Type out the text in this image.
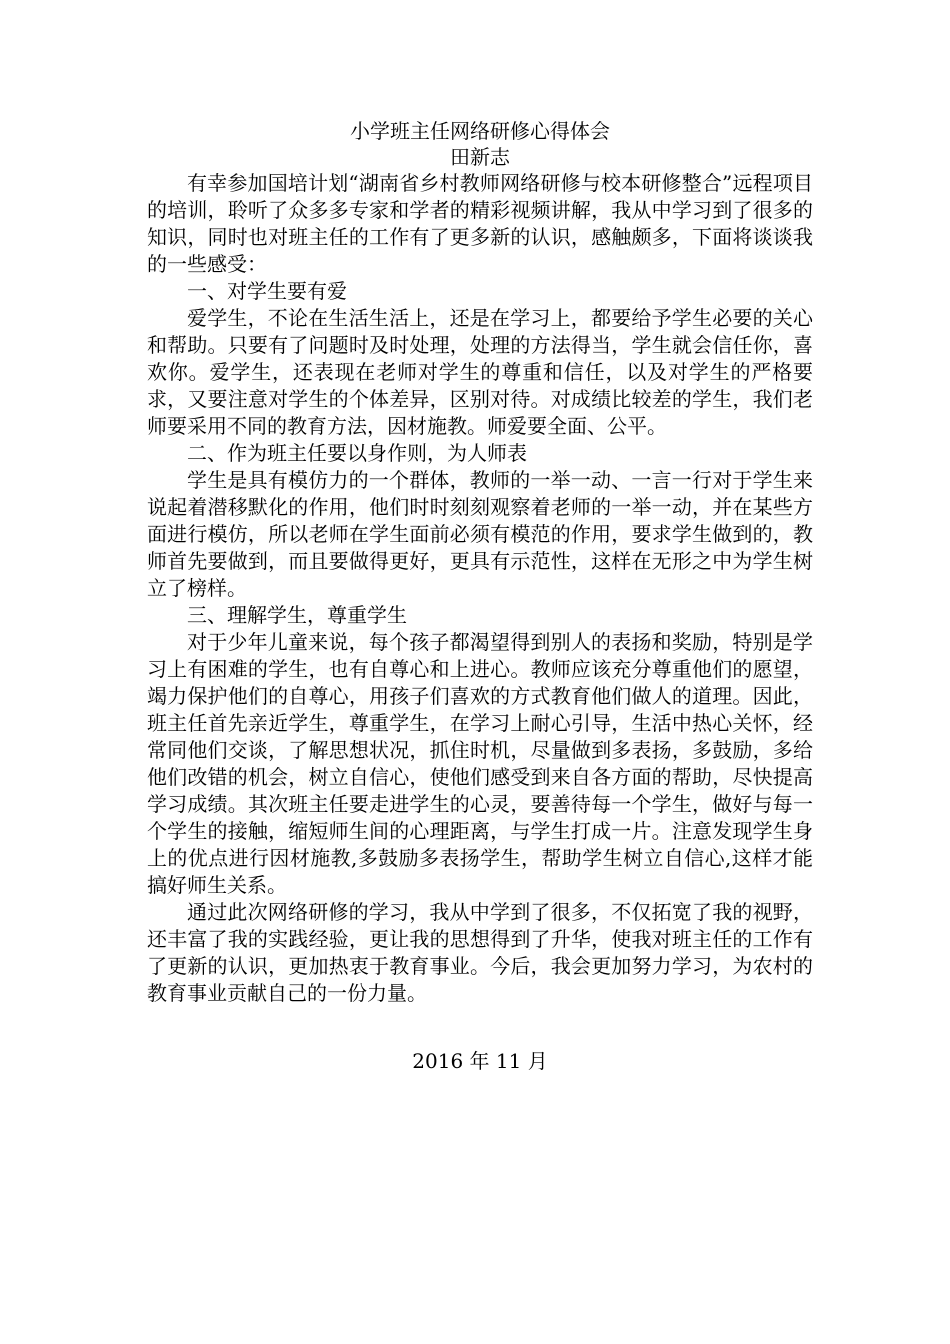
小学班主任网络研修心得体会
田新志

有幸参加国培计划“湖南省乡村教师网络研修与校本研修整合”远程项目的培训，聆听了众多多专家和学者的精彩视频讲解，我从中学习到了很多的知识，同时也对班主任的工作有了更多新的认识，感触颇多，下面将谈谈我的一些感受：

一、对学生要有爱

爱学生，不论在生活生活上，还是在学习上，都要给予学生必要的关心和帮助。只要有了问题时及时处理，处理的方法得当，学生就会信任你，喜欢你。爱学生，还表现在老师对学生的尊重和信任，以及对学生的严格要求，又要注意对学生的个体差异，区别对待。对成绩比较差的学生，我们老师要采用不同的教育方法，因材施教。师爱要全面、公平。

二、作为班主任要以身作则，为人师表

学生是具有模仿力的一个群体，教师的一举一动、一言一行对于学生来说起着潜移默化的作用，他们时时刻刻观察着老师的一举一动，并在某些方面进行模仿，所以老师在学生面前必须有模范的作用，要求学生做到的，教师首先要做到，而且要做得更好，更具有示范性，这样在无形之中为学生树立了榜样。

三、理解学生，尊重学生

对于少年儿童来说，每个孩子都渴望得到别人的表扬和奖励，特别是学习上有困难的学生，也有自尊心和上进心。教师应该充分尊重他们的愿望，竭力保护他们的自尊心，用孩子们喜欢的方式教育他们做人的道理。因此，班主任首先亲近学生，尊重学生，在学习上耐心引导，生活中热心关怀，经常同他们交谈，了解思想状况，抓住时机，尽量做到多表扬，多鼓励，多给他们改错的机会，树立自信心，使他们感受到来自各方面的帮助，尽快提高学习成绩。其次班主任要走进学生的心灵，要善待每一个学生，做好与每一个学生的接触，缩短师生间的心理距离，与学生打成一片。注意发现学生身上的优点进行因材施教,多鼓励多表扬学生，帮助学生树立自信心,这样才能搞好师生关系。

通过此次网络研修的学习，我从中学到了很多，不仅拓宽了我的视野，还丰富了我的实践经验，更让我的思想得到了升华，使我对班主任的工作有了更新的认识，更加热衷于教育事业。今后，我会更加努力学习，为农村的教育事业贡献自己的一份力量。

2016 年 11 月
